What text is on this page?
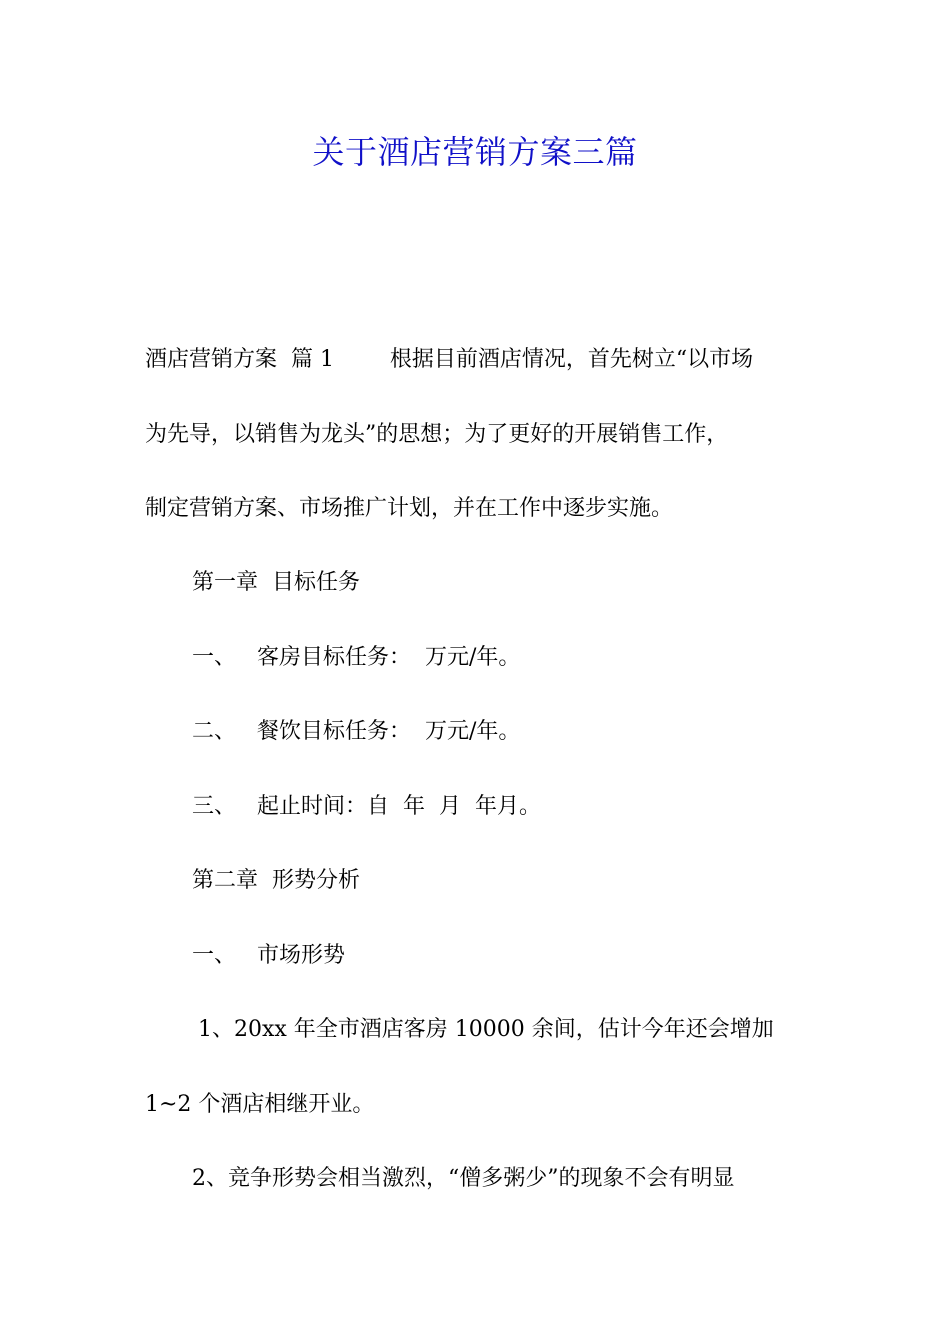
关于酒店营销方案三篇
酒店营销方案  篇 1        根据目前酒店情况，首先树立“以市场
为先导，以销售为龙头”的思想；为了更好的开展销售工作，
制定营销方案、市场推广计划，并在工作中逐步实施。
第一章  目标任务
一、   客房目标任务：  万元/年。
二、   餐饮目标任务：  万元/年。
三、   起止时间：自  年  月  年月。
第二章  形势分析
一、   市场形势
1、20xx 年全市酒店客房 10000 余间，估计今年还会增加
1~2 个酒店相继开业。
2、竞争形势会相当激烈，“僧多粥少”的现象不会有明显
